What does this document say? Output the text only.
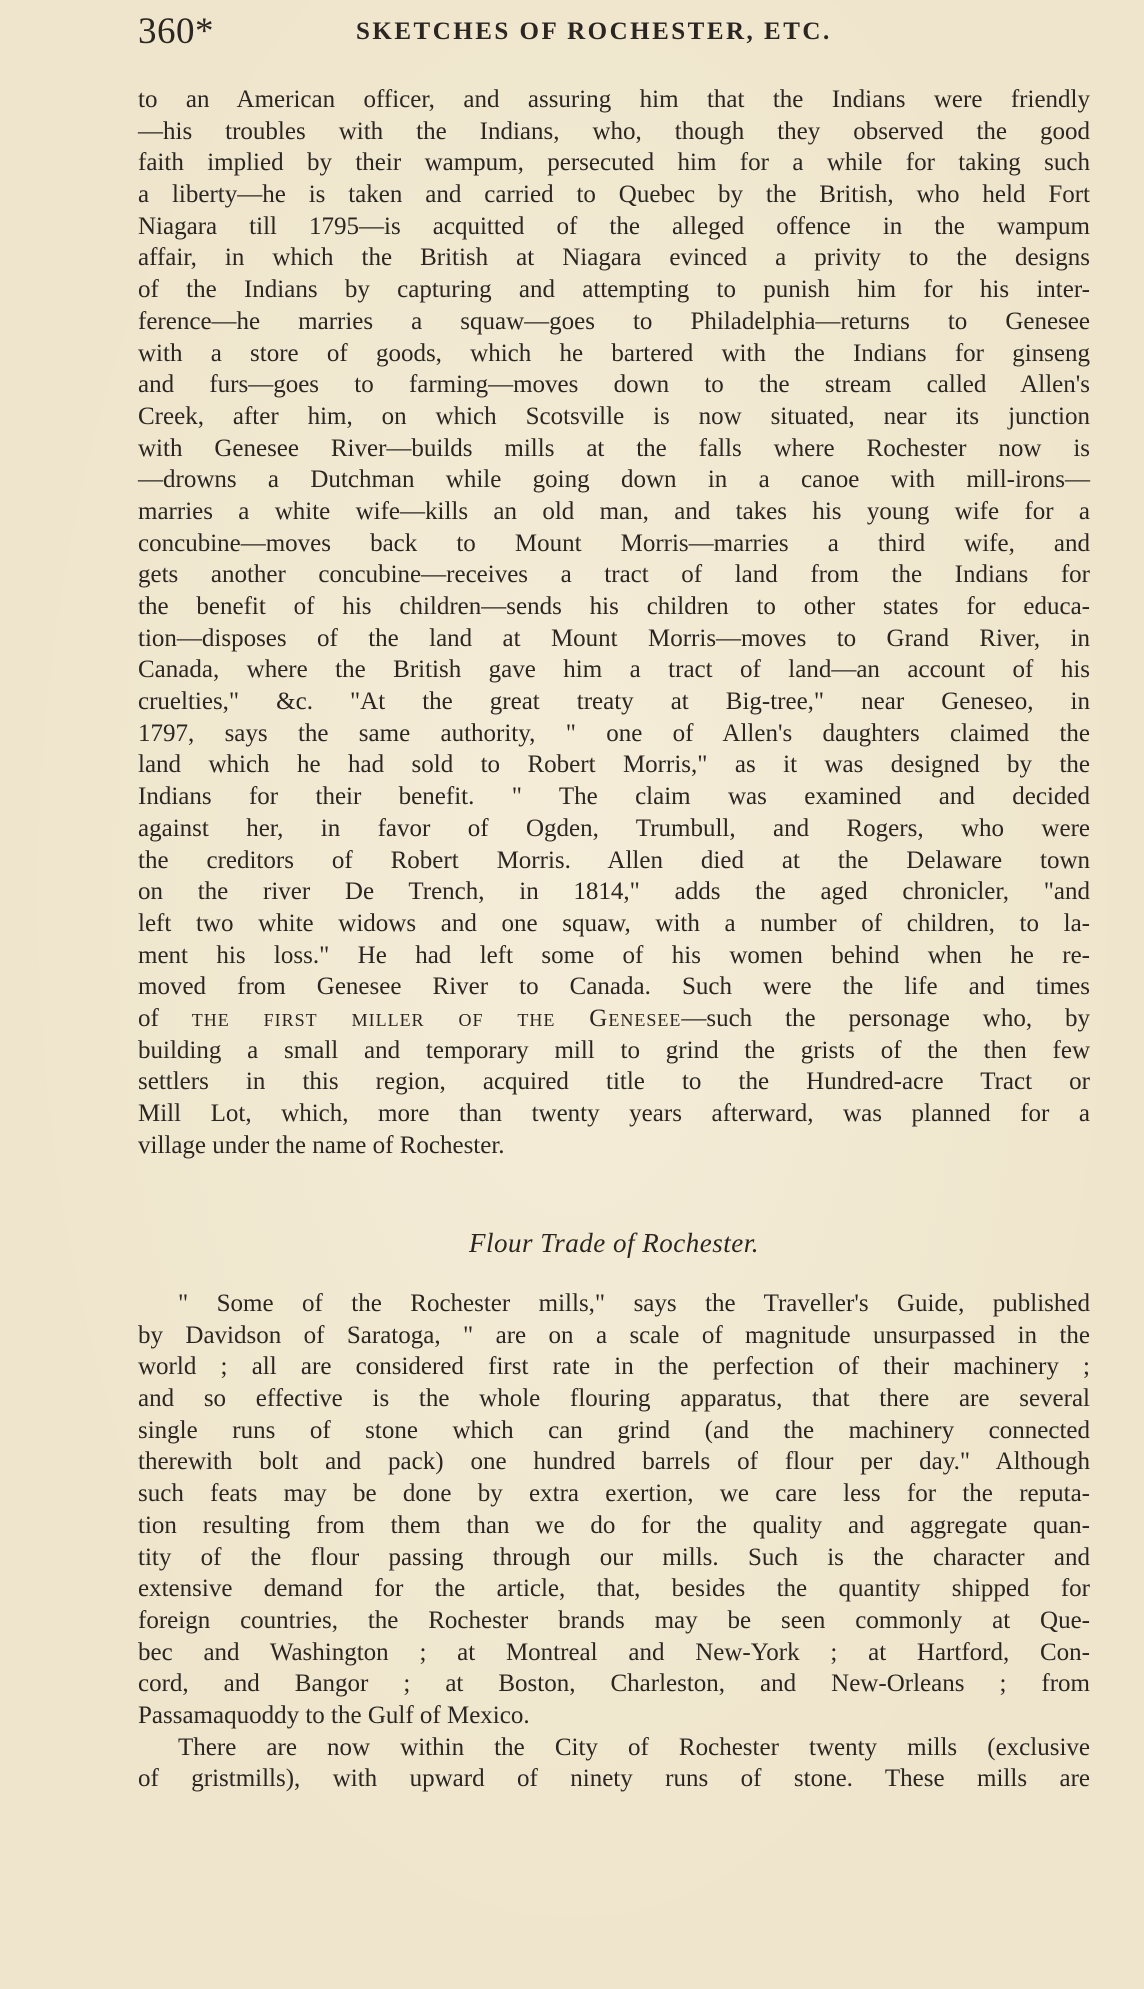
360*	SKETCHES OF ROCHESTER, ETC.
to an American officer, and assuring him that the Indians were friendly
—his troubles with the Indians, who, though they observed the good
faith implied by their wampum, persecuted him for a while for taking such
a liberty—he is taken and carried to Quebec by the British, who held Fort
Niagara till 1795—is acquitted of the alleged offence in the wampum
affair, in which the British at Niagara evinced a privity to the designs
of the Indians by capturing and attempting to punish him for his inter-
ference—he marries a squaw—goes to Philadelphia—returns to Genesee
with a store of goods, which he bartered with the Indians for ginseng
and furs—goes to farming—moves down to the stream called Allen's
Creek, after him, on which Scotsville is now situated, near its junction
with Genesee River—builds mills at the falls where Rochester now is
—drowns a Dutchman while going down in a canoe with mill-irons—
marries a white wife—kills an old man, and takes his young wife for a
concubine—moves back to Mount Morris—marries a third wife, and
gets another concubine—receives a tract of land from the Indians for
the benefit of his children—sends his children to other states for educa-
tion—disposes of the land at Mount Morris—moves to Grand River, in
Canada, where the British gave him a tract of land—an account of his
cruelties," &c. "At the great treaty at Big-tree," near Geneseo, in
1797, says the same authority, " one of Allen's daughters claimed the
land which he had sold to Robert Morris," as it was designed by the
Indians for their benefit. " The claim was examined and decided
against her, in favor of Ogden, Trumbull, and Rogers, who were
the creditors of Robert Morris. Allen died at the Delaware town
on the river De Trench, in 1814," adds the aged chronicler, "and
left two white widows and one squaw, with a number of children, to la-
ment his loss." He had left some of his women behind when he re-
moved from Genesee River to Canada. Such were the life and times
of the first miller of the Genesee—such the personage who, by
building a small and temporary mill to grind the grists of the then few
settlers in this region, acquired title to the Hundred-acre Tract or
Mill Lot, which, more than twenty years afterward, was planned for a
village under the name of Rochester.
Flour Trade of Rochester.
" Some of the Rochester mills," says the Traveller's Guide, published
by Davidson of Saratoga, " are on a scale of magnitude unsurpassed in the
world ; all are considered first rate in the perfection of their machinery ;
and so effective is the whole flouring apparatus, that there are several
single runs of stone which can grind (and the machinery connected
therewith bolt and pack) one hundred barrels of flour per day." Although
such feats may be done by extra exertion, we care less for the reputa-
tion resulting from them than we do for the quality and aggregate quan-
tity of the flour passing through our mills. Such is the character and
extensive demand for the article, that, besides the quantity shipped for
foreign countries, the Rochester brands may be seen commonly at Que-
bec and Washington ; at Montreal and New-York ; at Hartford, Con-
cord, and Bangor ; at Boston, Charleston, and New-Orleans ; from
Passamaquoddy to the Gulf of Mexico.
There are now within the City of Rochester twenty mills (exclusive
of gristmills), with upward of ninety runs of stone. These mills are
